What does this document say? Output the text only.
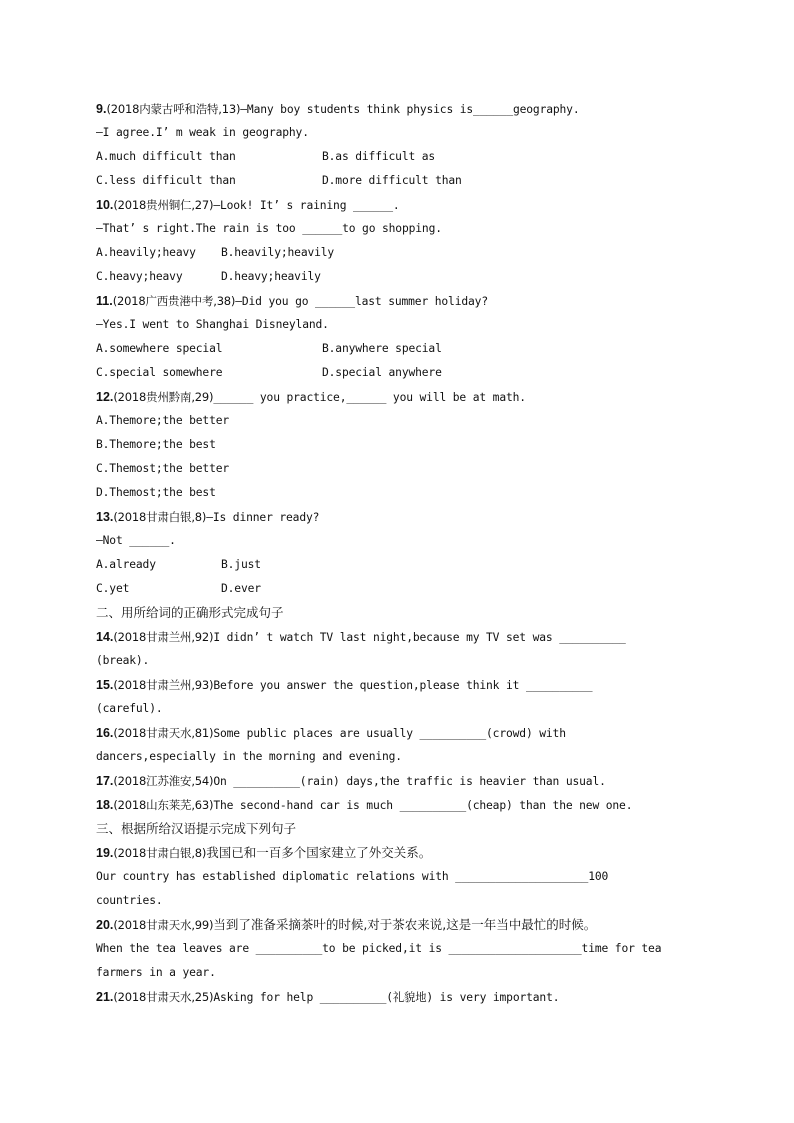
9.(2018内蒙古呼和浩特,13)—Many boy students think physics is______geography.
—I agree.I’ m weak in geography.
A.much difficult than	B.as difficult as
C.less difficult than	D.more difficult than
10.(2018贵州铜仁,27)—Look! It’ s raining ______.
—That’ s right.The rain is too ______to go shopping.
A.heavily;heavy B.heavily;heavily
C.heavy;heavy	D.heavy;heavily
11.(2018广西贵港中考,38)—Did you go ______last summer holiday?
—Yes.I went to Shanghai Disneyland.
A.somewhere special	B.anywhere special
C.special somewhere	D.special anywhere
12.(2018贵州黔南,29)______ you practice,______ you will be at math.
A.Themore;the better
B.Themore;the best
C.Themost;the better
D.Themost;the best
13.(2018甘肃白银,8)—Is dinner ready?
—Not ______.
A.already	B.just
C.yet	D.ever
二、用所给词的正确形式完成句子
14.(2018甘肃兰州,92)I didn’ t watch TV last night,because my TV set was __________
(break).
15.(2018甘肃兰州,93)Before you answer the question,please think it __________
(careful).
16.(2018甘肃天水,81)Some public places are usually __________(crowd) with
dancers,especially in the morning and evening.
17.(2018江苏淮安,54)On __________(rain) days,the traffic is heavier than usual.
18.(2018山东莱芜,63)The second-hand car is much __________(cheap) than the new one.
三、根据所给汉语提示完成下列句子
19.(2018甘肃白银,8)我国已和一百多个国家建立了外交关系。
Our country has established diplomatic relations with ____________________100
countries.
20.(2018甘肃天水,99)当到了准备采摘茶叶的时候,对于茶农来说,这是一年当中最忙的时候。
When the tea leaves are __________to be picked,it is ____________________time for tea
farmers in a year.
21.(2018甘肃天水,25)Asking for help __________(礼貌地) is very important.
